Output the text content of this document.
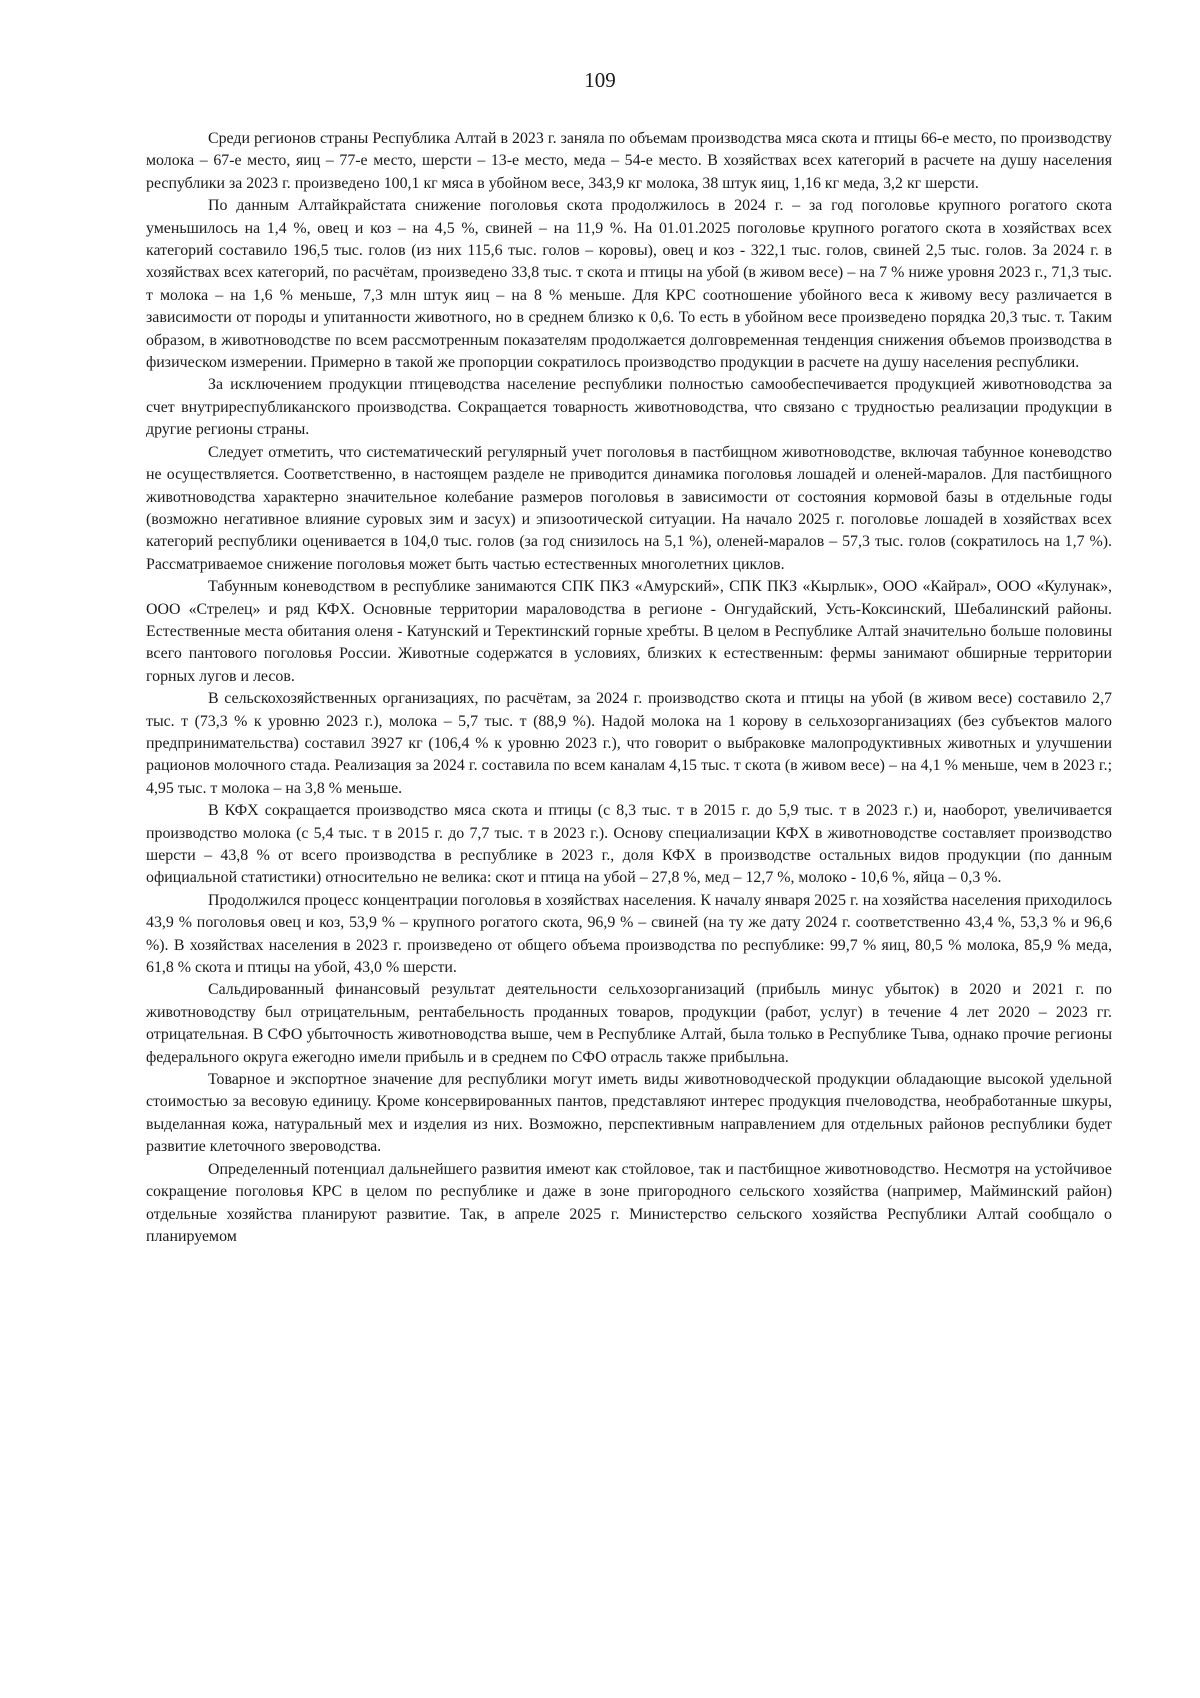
109

Среди регионов страны Республика Алтай в 2023 г. заняла по объемам производства мяса скота и птицы 66-е место, по производству молока – 67-е место, яиц – 77-е место, шерсти – 13-е место, меда – 54-е место. В хозяйствах всех категорий в расчете на душу населения республики за 2023 г. произведено 100,1 кг мяса в убойном весе, 343,9 кг молока, 38 штук яиц, 1,16 кг меда, 3,2 кг шерсти.

По данным Алтайкрайстата снижение поголовья скота продолжилось в 2024 г. – за год поголовье крупного рогатого скота уменьшилось на 1,4 %, овец и коз – на 4,5 %, свиней – на 11,9 %. На 01.01.2025 поголовье крупного рогатого скота в хозяйствах всех категорий составило 196,5 тыс. голов (из них 115,6 тыс. голов – коровы), овец и коз - 322,1 тыс. голов, свиней 2,5 тыс. голов. За 2024 г. в хозяйствах всех категорий, по расчётам, произведено 33,8 тыс. т скота и птицы на убой (в живом весе) – на 7 % ниже уровня 2023 г., 71,3 тыс. т молока – на 1,6 % меньше, 7,3 млн штук яиц – на 8 % меньше. Для КРС соотношение убойного веса к живому весу различается в зависимости от породы и упитанности животного, но в среднем близко к 0,6. То есть в убойном весе произведено порядка 20,3 тыс. т. Таким образом, в животноводстве по всем рассмотренным показателям продолжается долговременная тенденция снижения объемов производства в физическом измерении. Примерно в такой же пропорции сократилось производство продукции в расчете на душу населения республики.

За исключением продукции птицеводства население республики полностью самообеспечивается продукцией животноводства за счет внутриреспубликанского производства. Сокращается товарность животноводства, что связано с трудностью реализации продукции в другие регионы страны.

Следует отметить, что систематический регулярный учет поголовья в пастбищном животноводстве, включая табунное коневодство не осуществляется. Соответственно, в настоящем разделе не приводится динамика поголовья лошадей и оленей-маралов. Для пастбищного животноводства характерно значительное колебание размеров поголовья в зависимости от состояния кормовой базы в отдельные годы (возможно негативное влияние суровых зим и засух) и эпизоотической ситуации. На начало 2025 г. поголовье лошадей в хозяйствах всех категорий республики оценивается в 104,0 тыс. голов (за год снизилось на 5,1 %), оленей-маралов – 57,3 тыс. голов (сократилось на 1,7 %). Рассматриваемое снижение поголовья может быть частью естественных многолетних циклов.

Табунным коневодством в республике занимаются СПК ПКЗ «Амурский», СПК ПКЗ «Кырлык», ООО «Кайрал», ООО «Кулунак», ООО «Стрелец» и ряд КФХ. Основные территории мараловодства в регионе - Онгудайский, Усть-Коксинский, Шебалинский районы. Естественные места обитания оленя - Катунский и Теректинский горные хребты. В целом в Республике Алтай значительно больше половины всего пантового поголовья России. Животные содержатся в условиях, близких к естественным: фермы занимают обширные территории горных лугов и лесов.

В сельскохозяйственных организациях, по расчётам, за 2024 г. производство скота и птицы на убой (в живом весе) составило 2,7 тыс. т (73,3 % к уровню 2023 г.), молока – 5,7 тыс. т (88,9 %). Надой молока на 1 корову в сельхозорганизациях (без субъектов малого предпринимательства) составил 3927 кг (106,4 % к уровню 2023 г.), что говорит о выбраковке малопродуктивных животных и улучшении рационов молочного стада. Реализация за 2024 г. составила по всем каналам 4,15 тыс. т скота (в живом весе) – на 4,1 % меньше, чем в 2023 г.; 4,95 тыс. т молока – на 3,8 % меньше.

В КФХ сокращается производство мяса скота и птицы (с 8,3 тыс. т в 2015 г. до 5,9 тыс. т в 2023 г.) и, наоборот, увеличивается производство молока (с 5,4 тыс. т в 2015 г. до 7,7 тыс. т в 2023 г.). Основу специализации КФХ в животноводстве составляет производство шерсти – 43,8 % от всего производства в республике в 2023 г., доля КФХ в производстве остальных видов продукции (по данным официальной статистики) относительно не велика: скот и птица на убой – 27,8 %, мед – 12,7 %, молоко - 10,6 %, яйца – 0,3 %.

Продолжился процесс концентрации поголовья в хозяйствах населения. К началу января 2025 г. на хозяйства населения приходилось 43,9 % поголовья овец и коз, 53,9 % – крупного рогатого скота, 96,9 % – свиней (на ту же дату 2024 г. соответственно 43,4 %, 53,3 % и 96,6 %). В хозяйствах населения в 2023 г. произведено от общего объема производства по республике: 99,7 % яиц, 80,5 % молока, 85,9 % меда, 61,8 % скота и птицы на убой, 43,0 % шерсти.

Сальдированный финансовый результат деятельности сельхозорганизаций (прибыль минус убыток) в 2020 и 2021 г. по животноводству был отрицательным, рентабельность проданных товаров, продукции (работ, услуг) в течение 4 лет 2020 – 2023 гг. отрицательная. В СФО убыточность животноводства выше, чем в Республике Алтай, была только в Республике Тыва, однако прочие регионы федерального округа ежегодно имели прибыль и в среднем по СФО отрасль также прибыльна.

Товарное и экспортное значение для республики могут иметь виды животноводческой продукции обладающие высокой удельной стоимостью за весовую единицу. Кроме консервированных пантов, представляют интерес продукция пчеловодства, необработанные шкуры, выделанная кожа, натуральный мех и изделия из них. Возможно, перспективным направлением для отдельных районов республики будет развитие клеточного звероводства.

Определенный потенциал дальнейшего развития имеют как стойловое, так и пастбищное животноводство. Несмотря на устойчивое сокращение поголовья КРС в целом по республике и даже в зоне пригородного сельского хозяйства (например, Майминский район) отдельные хозяйства планируют развитие. Так, в апреле 2025 г. Министерство сельского хозяйства Республики Алтай сообщало о планируемом
